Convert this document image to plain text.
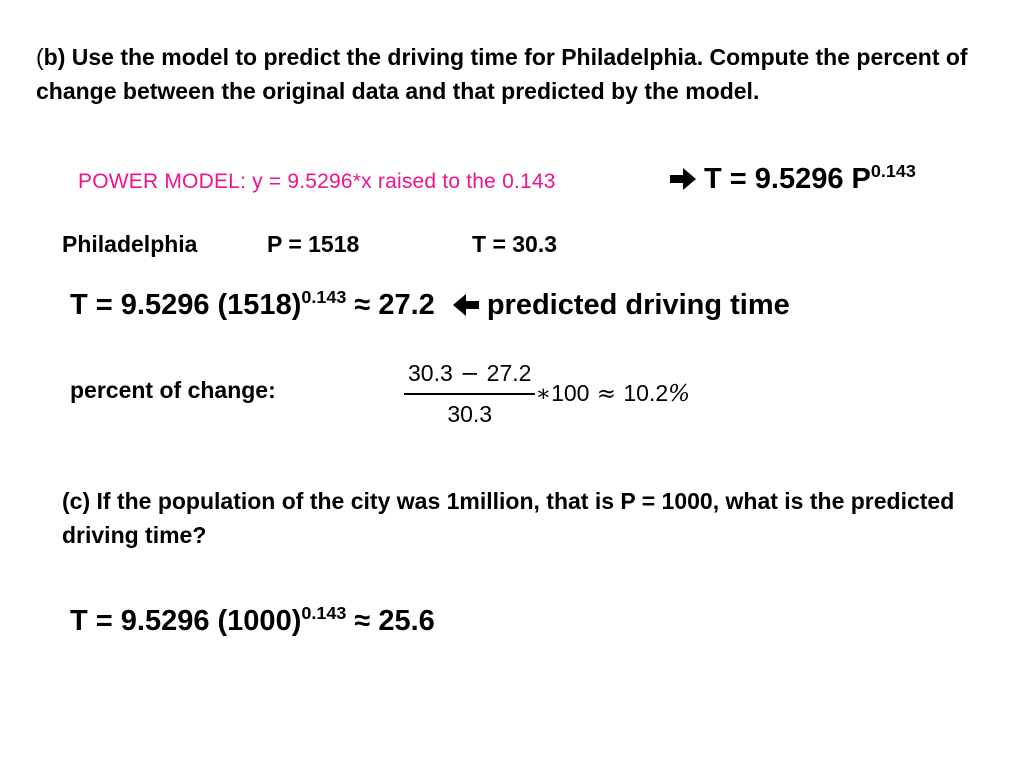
(b) Use the model to predict the driving time for Philadelphia. Compute the percent of change between the original data and that predicted by the model.
POWER MODEL: y = 9.5296*x raised to the 0.143	T = 9.5296 $P^{0.143}$
Philadelphia	P = 1518	T = 30.3
T = 9.5296 $(1518)^{0.143} \approx 27.2$ predicted driving time
percent of change:	$\frac{30.3 - 27.2}{30.3}$ ∗100 ≈ 10.2%
(c) If the population of the city was 1million, that is P = 1000, what is the predicted driving time?
T = 9.5296 $(1000)^{0.143} \approx 25.6$
